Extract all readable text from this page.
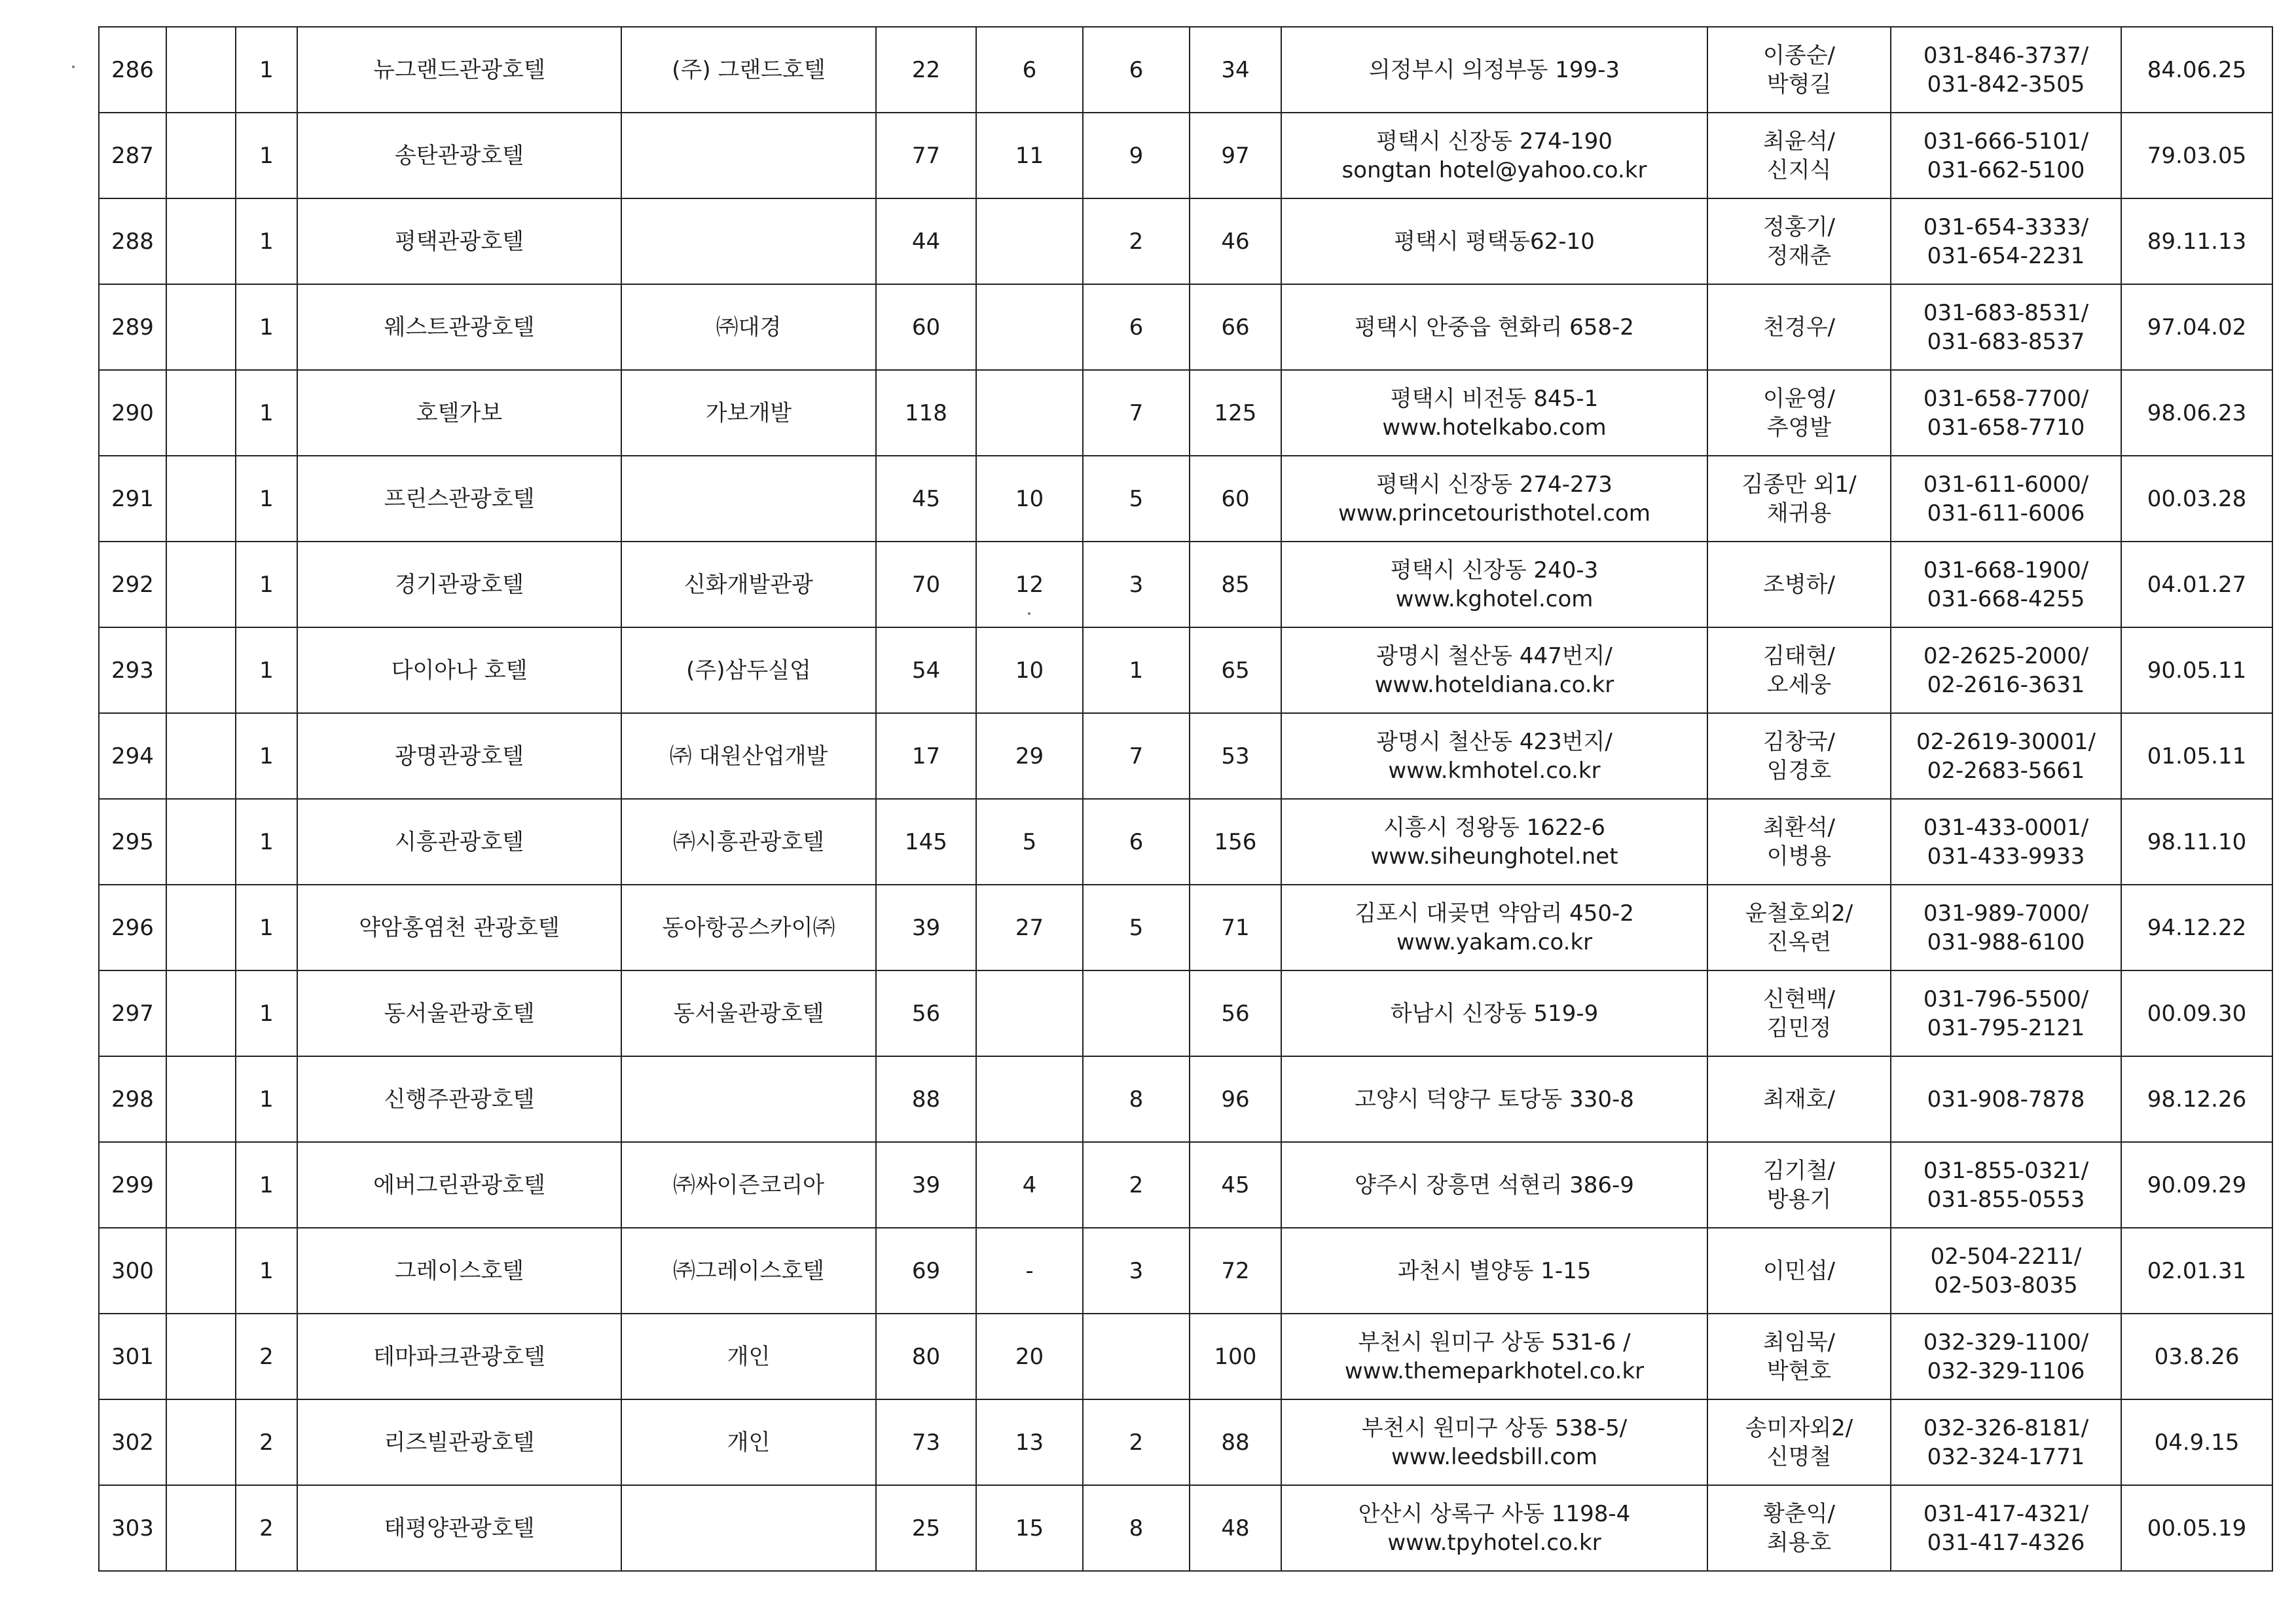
286		1	뉴그랜드관광호텔	(주) 그랜드호텔	22	6	6	34	의정부시 의정부동 199-3	이종순/
박형길	031-846-3737/
031-842-3505	84.06.25
287		1	송탄관광호텔		77	11	9	97	평택시 신장동 274-190
songtan hotel@yahoo.co.kr	최윤석/
신지식	031-666-5101/
031-662-5100	79.03.05
288		1	평택관광호텔		44		2	46	평택시 평택동62-10	정홍기/
정재춘	031-654-3333/
031-654-2231	89.11.13
289		1	웨스트관광호텔	㈜대경	60		6	66	평택시 안중읍 현화리 658-2	천경우/	031-683-8531/
031-683-8537	97.04.02
290		1	호텔가보	가보개발	118		7	125	평택시 비전동 845-1
www.hotelkabo.com	이윤영/
추영발	031-658-7700/
031-658-7710	98.06.23
291		1	프린스관광호텔		45	10	5	60	평택시 신장동 274-273
www.princetouristhotel.com	김종만 외1/
채귀용	031-611-6000/
031-611-6006	00.03.28
292		1	경기관광호텔	신화개발관광	70	12	3	85	평택시 신장동 240-3
www.kghotel.com	조병하/	031-668-1900/
031-668-4255	04.01.27
293		1	다이아나 호텔	(주)삼두실업	54	10	1	65	광명시 철산동 447번지/
www.hoteldiana.co.kr	김태현/
오세웅	02-2625-2000/
02-2616-3631	90.05.11
294		1	광명관광호텔	㈜ 대원산업개발	17	29	7	53	광명시 철산동 423번지/
www.kmhotel.co.kr	김창국/
임경호	02-2619-30001/
02-2683-5661	01.05.11
295		1	시흥관광호텔	㈜시흥관광호텔	145	5	6	156	시흥시 정왕동 1622-6
www.siheunghotel.net	최환석/
이병용	031-433-0001/
031-433-9933	98.11.10
296		1	약암홍염천 관광호텔	동아항공스카이㈜	39	27	5	71	김포시 대곶면 약암리 450-2
www.yakam.co.kr	윤철호외2/
진옥련	031-989-7000/
031-988-6100	94.12.22
297		1	동서울관광호텔	동서울관광호텔	56			56	하남시 신장동 519-9	신현백/
김민정	031-796-5500/
031-795-2121	00.09.30
298		1	신행주관광호텔		88		8	96	고양시 덕양구 토당동 330-8	최재호/	031-908-7878	98.12.26
299		1	에버그린관광호텔	㈜싸이즌코리아	39	4	2	45	양주시 장흥면 석현리 386-9	김기철/
방용기	031-855-0321/
031-855-0553	90.09.29
300		1	그레이스호텔	㈜그레이스호텔	69	-	3	72	과천시 별양동 1-15	이민섭/	02-504-2211/
02-503-8035	02.01.31
301		2	테마파크관광호텔	개인	80	20		100	부천시 원미구 상동 531-6 /
www.themeparkhotel.co.kr	최임묵/
박현호	032-329-1100/
032-329-1106	03.8.26
302		2	리즈빌관광호텔	개인	73	13	2	88	부천시 원미구 상동 538-5/
www.leedsbill.com	송미자외2/
신명철	032-326-8181/
032-324-1771	04.9.15
303		2	태평양관광호텔		25	15	8	48	안산시 상록구 사동 1198-4
www.tpyhotel.co.kr	황춘익/
최용호	031-417-4321/
031-417-4326	00.05.19
